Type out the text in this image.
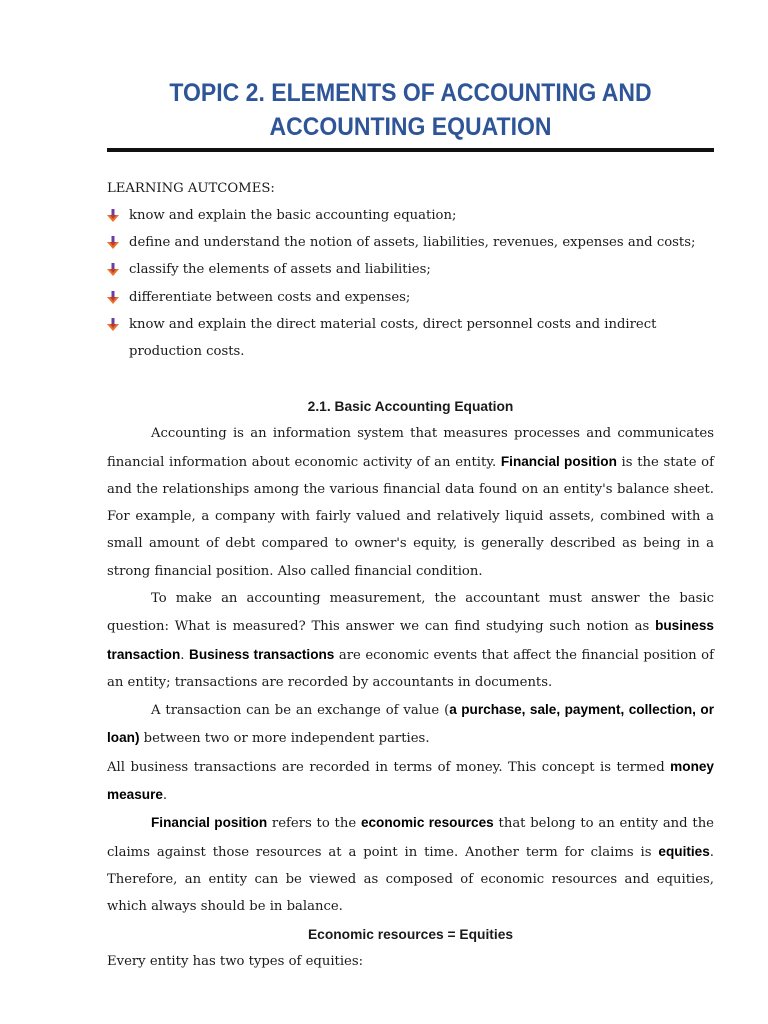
TOPIC 2. ELEMENTS OF ACCOUNTING AND
ACCOUNTING EQUATION
LEARNING AUTCOMES:
know and explain the basic accounting equation;
define and understand the notion of assets, liabilities, revenues, expenses and costs;
classify the elements of assets and liabilities;
differentiate between costs and expenses;
know and explain the direct material costs, direct personnel costs and indirect production costs.
2.1. Basic Accounting Equation

Accounting is an information system that measures processes and communicates financial information about economic activity of an entity. Financial position is the state of and the relationships among the various financial data found on an entity's balance sheet. For example, a company with fairly valued and relatively liquid assets, combined with a small amount of debt compared to owner's equity, is generally described as being in a strong financial position. Also called financial condition.

To make an accounting measurement, the accountant must answer the basic question: What is measured? This answer we can find studying such notion as business transaction. Business transactions are economic events that affect the financial position of an entity; transactions are recorded by accountants in documents.

A transaction can be an exchange of value (a purchase, sale, payment, collection, or loan) between two or more independent parties.

All business transactions are recorded in terms of money. This concept is termed money measure.

Financial position refers to the economic resources that belong to an entity and the claims against those resources at a point in time. Another term for claims is equities. Therefore, an entity can be viewed as composed of economic resources and equities, which always should be in balance.

Economic resources = Equities

Every entity has two types of equities:
